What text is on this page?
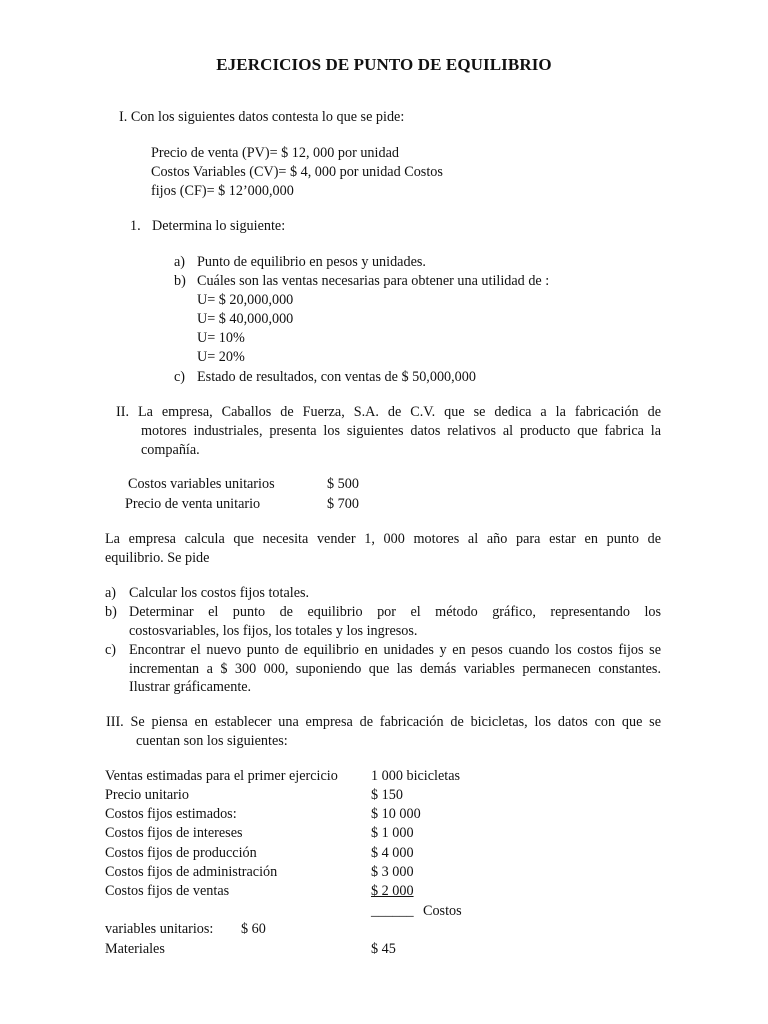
EJERCICIOS DE PUNTO DE EQUILIBRIO
I. Con los siguientes datos contesta lo que se pide:
Precio de venta (PV)= $ 12, 000 por unidad
Costos Variables (CV)= $ 4, 000 por unidad Costos
fijos (CF)= $ 12’000,000
1. Determina lo siguiente:
a) Punto de equilibrio en pesos y unidades.
b) Cuáles son las ventas necesarias para obtener una utilidad de :
U= $ 20,000,000
U= $ 40,000,000
U= 10%
U= 20%
c) Estado de resultados, con ventas de $ 50,000,000
II. La empresa, Caballos de Fuerza, S.A. de C.V. que se dedica a la fabricación de
motores industriales, presenta los siguientes datos relativos al producto que fabrica la
compañía.
Costos variables unitarios	$ 500
Precio de venta unitario	$ 700
La empresa calcula que necesita vender 1, 000 motores al año para estar en punto de
equilibrio. Se pide
a) Calcular los costos fijos totales.
b) Determinar el punto de equilibrio por el método gráfico, representando los
costosvariables, los fijos, los totales y los ingresos.
c) Encontrar el nuevo punto de equilibrio en unidades y en pesos cuando los costos fijos se
incrementan a $ 300 000, suponiendo que las demás variables permanecen constantes.
Ilustrar gráficamente.
III. Se piensa en establecer una empresa de fabricación de bicicletas, los datos con que se
cuentan son los siguientes:
Ventas estimadas para el primer ejercicio 1 000 bicicletas
Precio unitario	$ 150
Costos fijos estimados:	$ 10 000
Costos fijos de intereses	$ 1 000
Costos fijos de producción	$ 4 000
Costos fijos de administración	$ 3 000
Costos fijos de ventas	$ 2 000
______ Costos
variables unitarios: $ 60
Materiales	$ 45
